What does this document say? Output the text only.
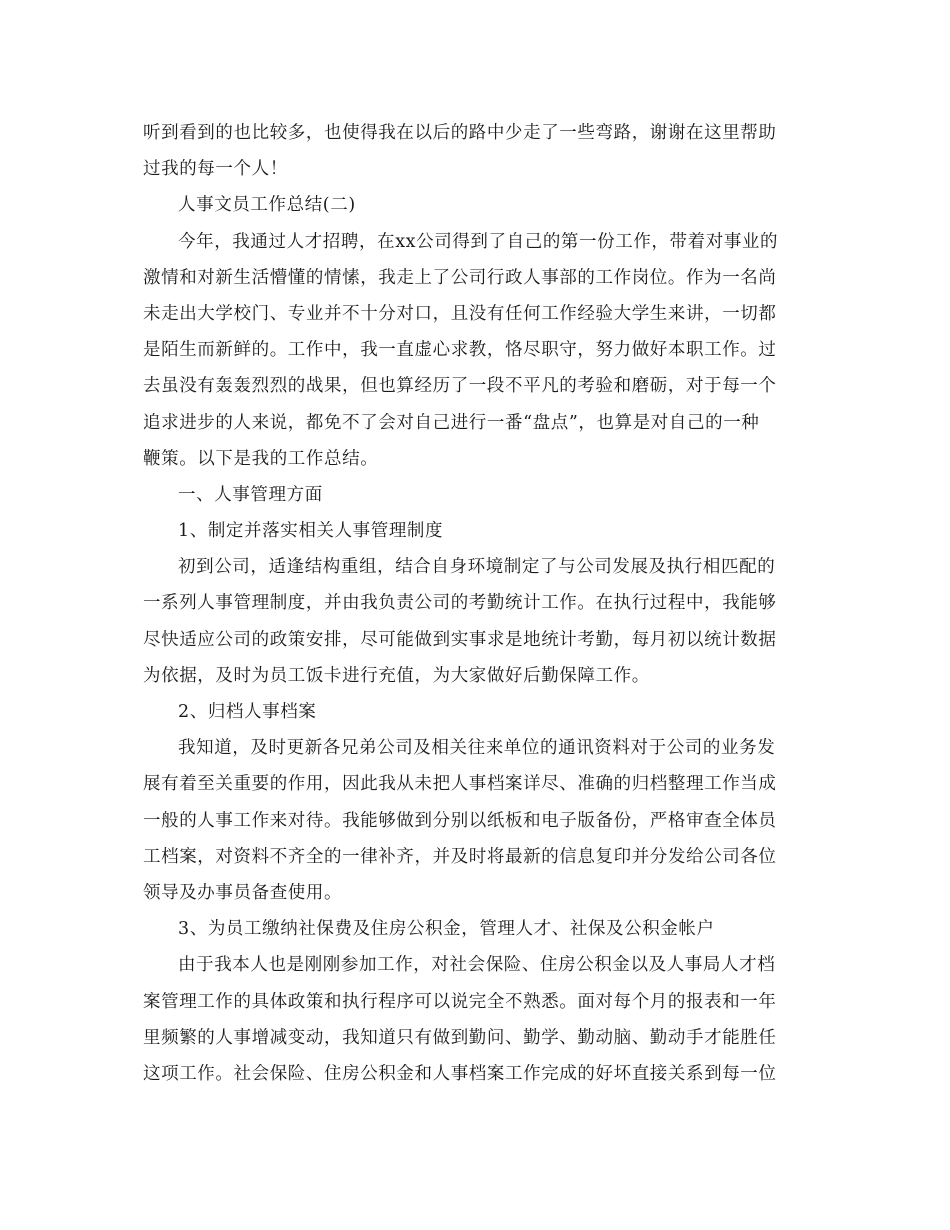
听到看到的也比较多，也使得我在以后的路中少走了一些弯路，谢谢在这里帮助
过我的每一个人！
人事文员工作总结(二)
今年，我通过人才招聘，在xx公司得到了自己的第一份工作，带着对事业的
激情和对新生活懵懂的情愫，我走上了公司行政人事部的工作岗位。作为一名尚
未走出大学校门、专业并不十分对口，且没有任何工作经验大学生来讲，一切都
是陌生而新鲜的。工作中，我一直虚心求教，恪尽职守，努力做好本职工作。过
去虽没有轰轰烈烈的战果，但也算经历了一段不平凡的考验和磨砺，对于每一个
追求进步的人来说，都免不了会对自己进行一番“盘点”，也算是对自己的一种
鞭策。以下是我的工作总结。
一、人事管理方面
1、制定并落实相关人事管理制度
初到公司，适逢结构重组，结合自身环境制定了与公司发展及执行相匹配的
一系列人事管理制度，并由我负责公司的考勤统计工作。在执行过程中，我能够
尽快适应公司的政策安排，尽可能做到实事求是地统计考勤，每月初以统计数据
为依据，及时为员工饭卡进行充值，为大家做好后勤保障工作。
2、归档人事档案
我知道，及时更新各兄弟公司及相关往来单位的通讯资料对于公司的业务发
展有着至关重要的作用，因此我从未把人事档案详尽、准确的归档整理工作当成
一般的人事工作来对待。我能够做到分别以纸板和电子版备份，严格审查全体员
工档案，对资料不齐全的一律补齐，并及时将最新的信息复印并分发给公司各位
领导及办事员备查使用。
3、为员工缴纳社保费及住房公积金，管理人才、社保及公积金帐户
由于我本人也是刚刚参加工作，对社会保险、住房公积金以及人事局人才档
案管理工作的具体政策和执行程序可以说完全不熟悉。面对每个月的报表和一年
里频繁的人事增减变动，我知道只有做到勤问、勤学、勤动脑、勤动手才能胜任
这项工作。社会保险、住房公积金和人事档案工作完成的好坏直接关系到每一位
